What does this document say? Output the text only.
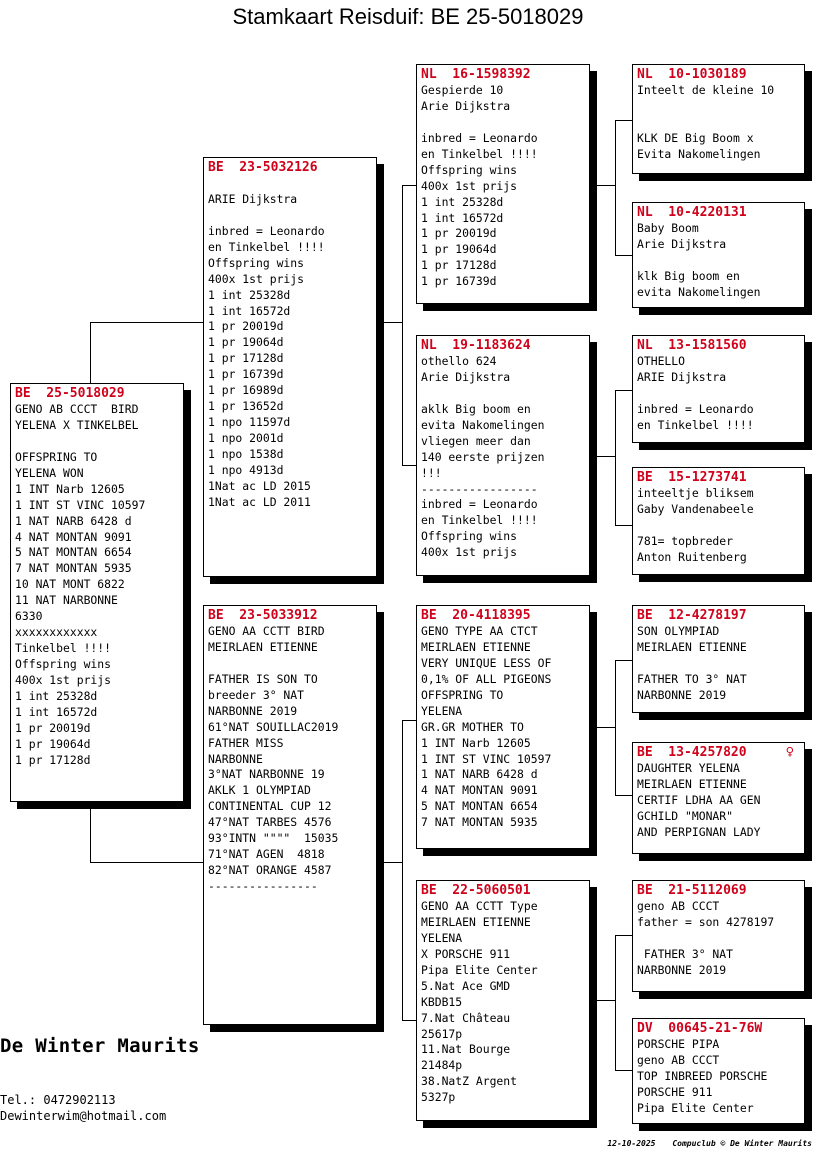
Stamkaart Reisduif: BE 25-5018029
BE  25-5018029
GENO AB CCCT  BIRD
YELENA X TINKELBEL
OFFSPRING TO
YELENA WON
1 INT Narb 12605
1 INT ST VINC 10597
1 NAT NARB 6428 d
4 NAT MONTAN 9091
5 NAT MONTAN 6654
7 NAT MONTAN 5935
10 NAT MONT 6822
11 NAT NARBONNE
6330
xxxxxxxxxxxx
Tinkelbel !!!!
Offspring wins
400x 1st prijs
1 int 25328d
1 int 16572d
1 pr 20019d
1 pr 19064d
1 pr 17128d
BE  23-5032126
ARIE Dijkstra
inbred = Leonardo
en Tinkelbel !!!!
Offspring wins
400x 1st prijs
1 int 25328d
1 int 16572d
1 pr 20019d
1 pr 19064d
1 pr 17128d
1 pr 16739d
1 pr 16989d
1 pr 13652d
1 npo 11597d
1 npo 2001d
1 npo 1538d
1 npo 4913d
1Nat ac LD 2015
1Nat ac LD 2011
BE  23-5033912
GENO AA CCTT BIRD
MEIRLAEN ETIENNE
FATHER IS SON TO
breeder 3° NAT
NARBONNE 2019
61°NAT SOUILLAC2019
FATHER MISS
NARBONNE
3°NAT NARBONNE 19
AKLK 1 OLYMPIAD
CONTINENTAL CUP 12
47°NAT TARBES 4576
93°INTN """"  15035
71°NAT AGEN  4818
82°NAT ORANGE 4587
----------------
NL  16-1598392
Gespierde 10
Arie Dijkstra
inbred = Leonardo
en Tinkelbel !!!!
Offspring wins
400x 1st prijs
1 int 25328d
1 int 16572d
1 pr 20019d
1 pr 19064d
1 pr 17128d
1 pr 16739d
NL  19-1183624
othello 624
Arie Dijkstra
aklk Big boom en
evita Nakomelingen
vliegen meer dan
140 eerste prijzen
!!!
-----------------
inbred = Leonardo
en Tinkelbel !!!!
Offspring wins
400x 1st prijs
BE  20-4118395
GENO TYPE AA CTCT
MEIRLAEN ETIENNE
VERY UNIQUE LESS OF
0,1% OF ALL PIGEONS
OFFSPRING TO
YELENA
GR.GR MOTHER TO
1 INT Narb 12605
1 INT ST VINC 10597
1 NAT NARB 6428 d
4 NAT MONTAN 9091
5 NAT MONTAN 6654
7 NAT MONTAN 5935
BE  22-5060501
GENO AA CCTT Type
MEIRLAEN ETIENNE
YELENA
X PORSCHE 911
Pipa Elite Center
5.Nat Ace GMD
KBDB15
7.Nat Château
25617p
11.Nat Bourge
21484p
38.NatZ Argent
5327p
NL  10-1030189
Inteelt de kleine 10
KLK DE Big Boom x
Evita Nakomelingen
NL  10-4220131
Baby Boom
Arie Dijkstra
klk Big boom en
evita Nakomelingen
NL  13-1581560
OTHELLO
ARIE Dijkstra
inbred = Leonardo
en Tinkelbel !!!!
BE  15-1273741
inteeltje bliksem
Gaby Vandenabeele
781= topbreder
Anton Ruitenberg
BE  12-4278197
SON OLYMPIAD
MEIRLAEN ETIENNE
FATHER TO 3° NAT
NARBONNE 2019
BE  13-4257820	♀
DAUGHTER YELENA
MEIRLAEN ETIENNE
CERTIF LDHA AA GEN
GCHILD "MONAR"
AND PERPIGNAN LADY
BE  21-5112069
geno AB CCCT
father = son 4278197
FATHER 3° NAT
NARBONNE 2019
DV  00645-21-76W
PORSCHE PIPA
geno AB CCCT
TOP INBREED PORSCHE
PORSCHE 911
Pipa Elite Center
De Winter Maurits
Tel.: 0472902113
Dewinterwim@hotmail.com
12-10-2025 Compuclub © De Winter Maurits
